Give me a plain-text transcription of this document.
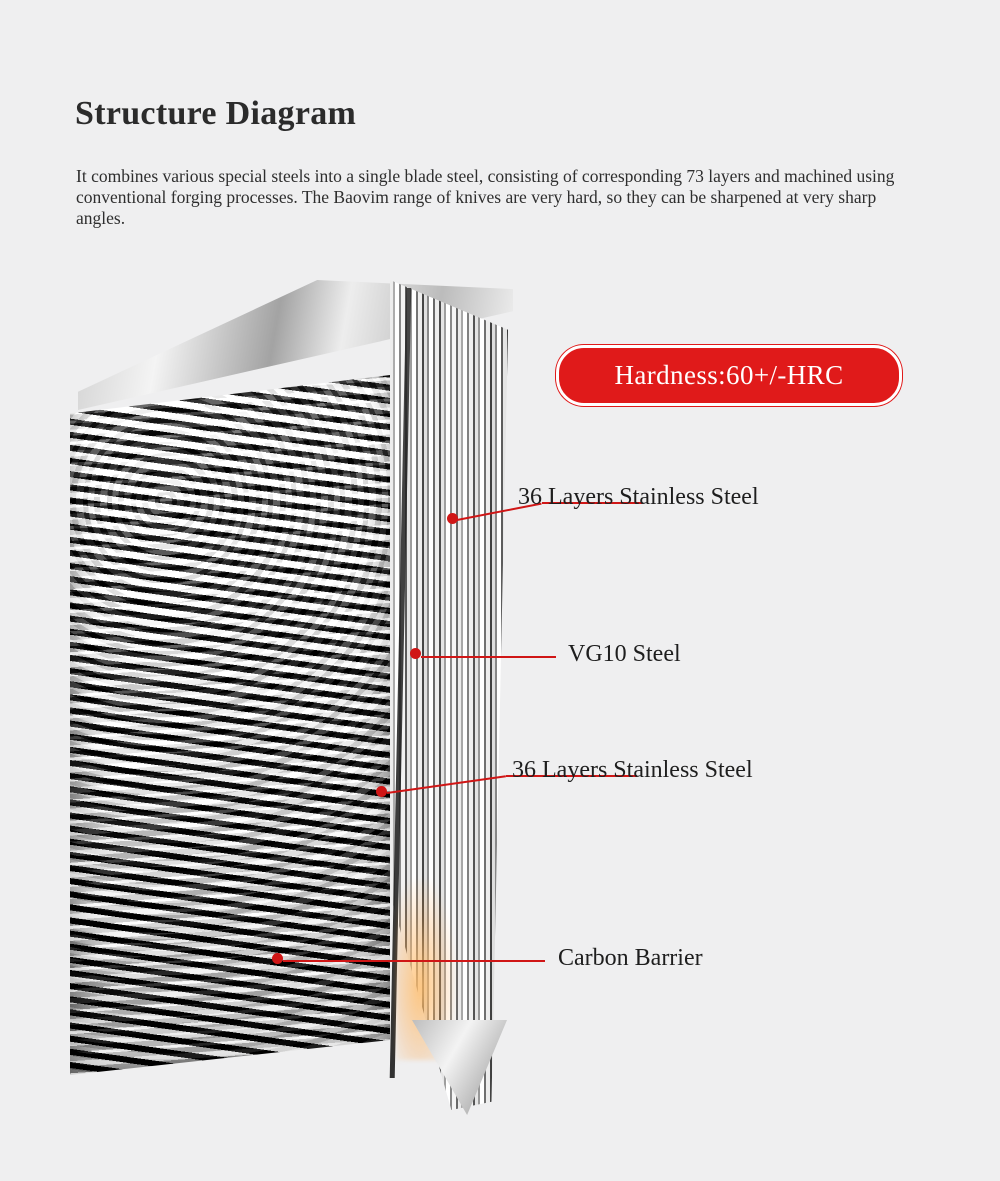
Structure Diagram

It combines various special steels into a single blade steel, consisting of corresponding 73 layers and machined using conventional forging processes. The Baovim range of knives are very hard, so they can be sharpened at very sharp angles.

Hardness:60+/-HRC
36 Layers Stainless Steel
VG10 Steel
36 Layers Stainless Steel
Carbon Barrier
